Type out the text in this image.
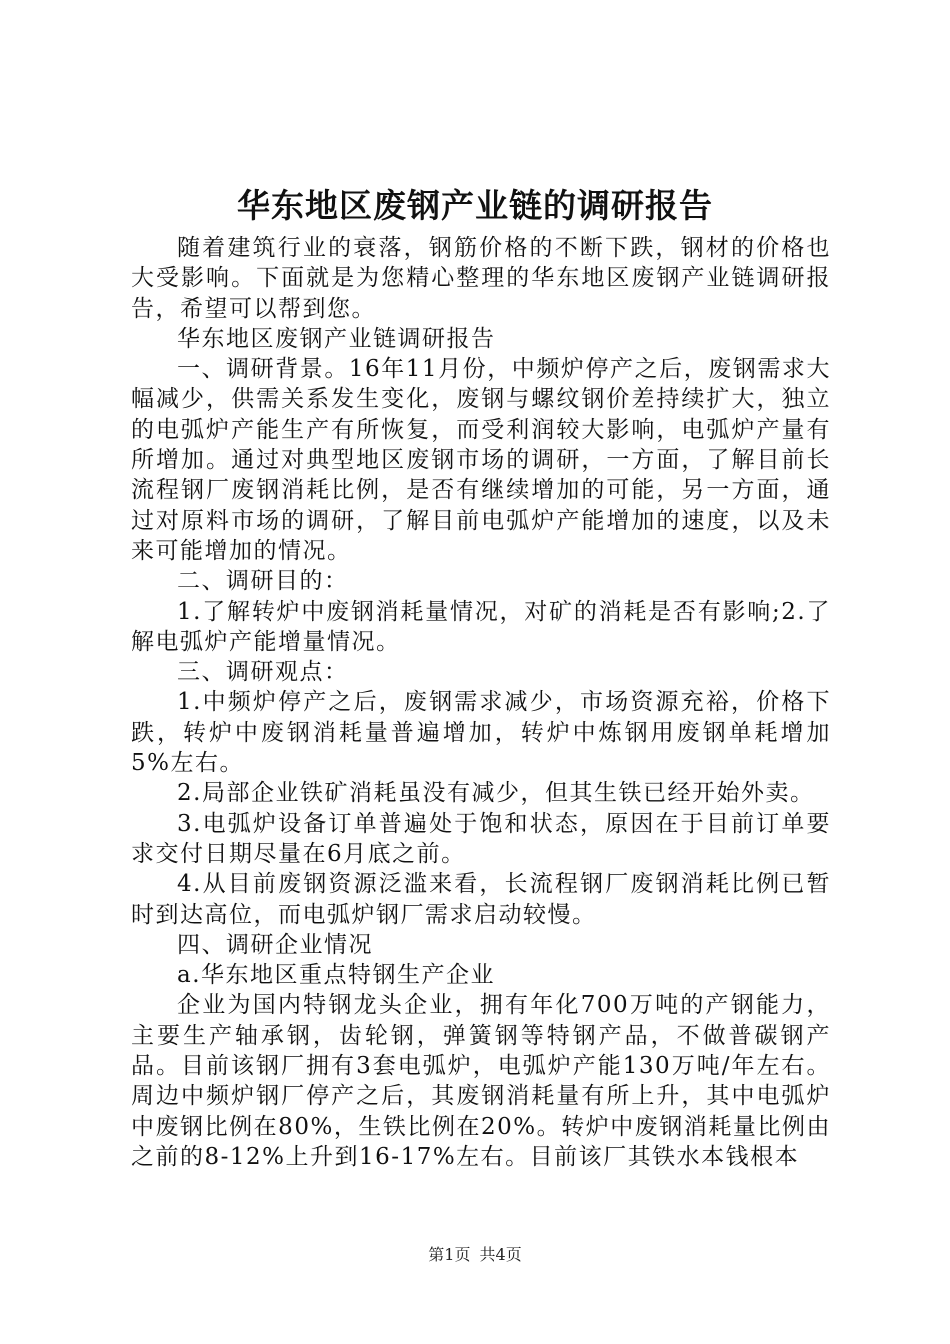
华东地区废钢产业链的调研报告

随着建筑行业的衰落，钢筋价格的不断下跌，钢材的价格也大受影响。下面就是为您精心整理的华东地区废钢产业链调研报告，希望可以帮到您。

华东地区废钢产业链调研报告

一、调研背景。16年11月份，中频炉停产之后，废钢需求大幅减少，供需关系发生变化，废钢与螺纹钢价差持续扩大，独立的电弧炉产能生产有所恢复，而受利润较大影响，电弧炉产量有所增加。通过对典型地区废钢市场的调研，一方面，了解目前长流程钢厂废钢消耗比例，是否有继续增加的可能，另一方面，通过对原料市场的调研，了解目前电弧炉产能增加的速度，以及未来可能增加的情况。

二、调研目的：

1.了解转炉中废钢消耗量情况，对矿的消耗是否有影响;2.了解电弧炉产能增量情况。

三、调研观点：

1.中频炉停产之后，废钢需求减少，市场资源充裕，价格下跌，转炉中废钢消耗量普遍增加，转炉中炼钢用废钢单耗增加5%左右。

2.局部企业铁矿消耗虽没有减少，但其生铁已经开始外卖。

3.电弧炉设备订单普遍处于饱和状态，原因在于目前订单要求交付日期尽量在6月底之前。

4.从目前废钢资源泛滥来看，长流程钢厂废钢消耗比例已暂时到达高位，而电弧炉钢厂需求启动较慢。

四、调研企业情况

a.华东地区重点特钢生产企业

企业为国内特钢龙头企业，拥有年化700万吨的产钢能力，主要生产轴承钢，齿轮钢，弹簧钢等特钢产品，不做普碳钢产品。目前该钢厂拥有3套电弧炉，电弧炉产能130万吨/年左右。周边中频炉钢厂停产之后，其废钢消耗量有所上升，其中电弧炉中废钢比例在80%，生铁比例在20%。转炉中废钢消耗量比例由之前的8-12%上升到16-17%左右。目前该厂其铁水本钱根本

第1页 共4页
